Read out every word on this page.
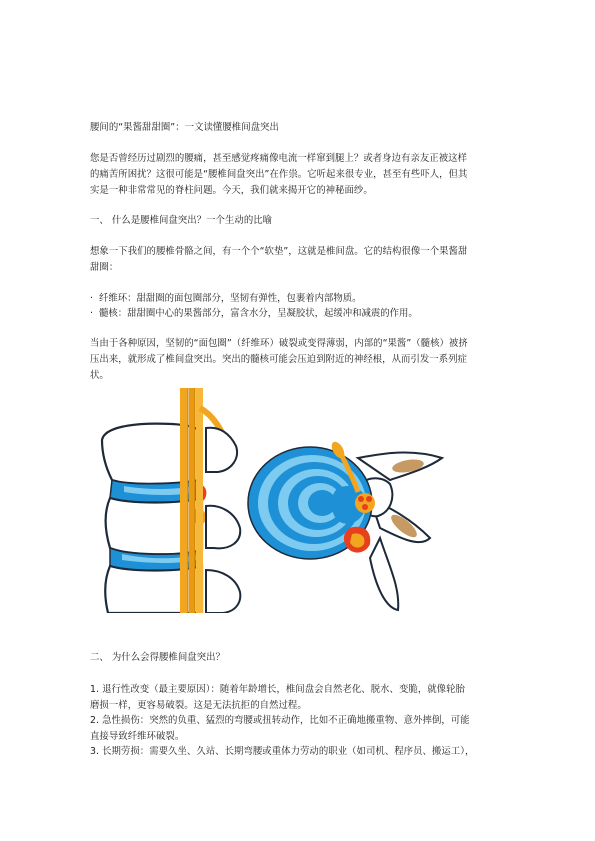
腰间的“果酱甜甜圈”：一文读懂腰椎间盘突出
您是否曾经历过剧烈的腰痛，甚至感觉疼痛像电流一样窜到腿上？或者身边有亲友正被这样
的痛苦所困扰？这很可能是“腰椎间盘突出”在作祟。它听起来很专业，甚至有些吓人，但其
实是一种非常常见的脊柱问题。今天，我们就来揭开它的神秘面纱。
一、 什么是腰椎间盘突出？一个生动的比喻
想象一下我们的腰椎骨骼之间，有一个个“软垫”，这就是椎间盘。它的结构很像一个果酱甜
甜圈：
· 纤维环：甜甜圈的面包圈部分，坚韧有弹性，包裹着内部物质。
· 髓核：甜甜圈中心的果酱部分，富含水分，呈凝胶状，起缓冲和减震的作用。
当由于各种原因，坚韧的“面包圈”（纤维环）破裂或变得薄弱，内部的“果酱”（髓核）被挤
压出来，就形成了椎间盘突出。突出的髓核可能会压迫到附近的神经根，从而引发一系列症
状。
二、 为什么会得腰椎间盘突出？
1. 退行性改变（最主要原因）：随着年龄增长，椎间盘会自然老化、脱水、变脆，就像轮胎
磨损一样，更容易破裂。这是无法抗拒的自然过程。
2. 急性损伤：突然的负重、猛烈的弯腰或扭转动作，比如不正确地搬重物、意外摔倒，可能
直接导致纤维环破裂。
3. 长期劳损：需要久坐、久站、长期弯腰或重体力劳动的职业（如司机、程序员、搬运工），
